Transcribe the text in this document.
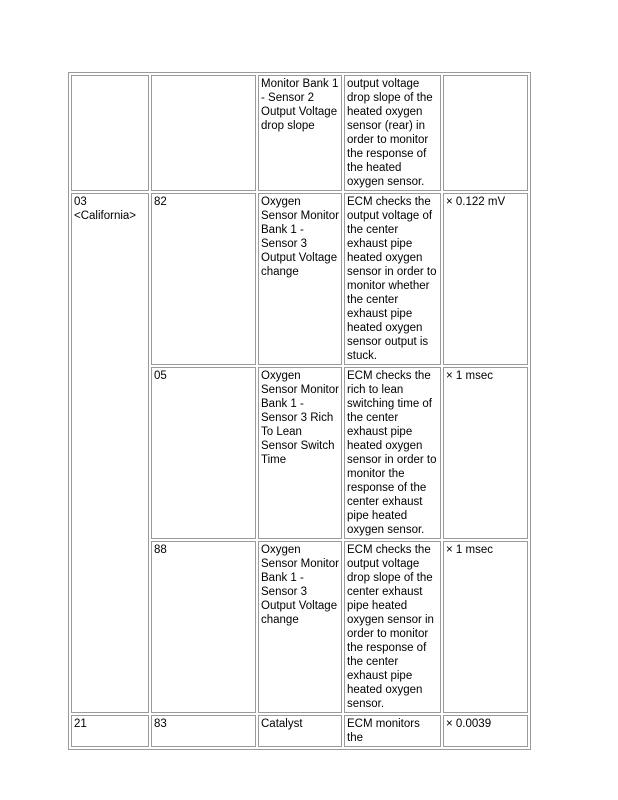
		Monitor Bank 1 - Sensor 2 Output Voltage drop slope	output voltage drop slope of the heated oxygen sensor (rear) in order to monitor the response of the heated oxygen sensor.	
03 <California>	82	Oxygen Sensor Monitor Bank 1 - Sensor 3 Output Voltage change	ECM checks the output voltage of the center exhaust pipe heated oxygen sensor in order to monitor whether the center exhaust pipe heated oxygen sensor output is stuck.	× 0.122 mV
	05	Oxygen Sensor Monitor Bank 1 - Sensor 3 Rich To Lean Sensor Switch Time	ECM checks the rich to lean switching time of the center exhaust pipe heated oxygen sensor in order to monitor the response of the center exhaust pipe heated oxygen sensor.	× 1 msec
	88	Oxygen Sensor Monitor Bank 1 - Sensor 3 Output Voltage change	ECM checks the output voltage drop slope of the center exhaust pipe heated oxygen sensor in order to monitor the response of the center exhaust pipe heated oxygen sensor.	× 1 msec
21	83	Catalyst	ECM monitors the	× 0.0039
